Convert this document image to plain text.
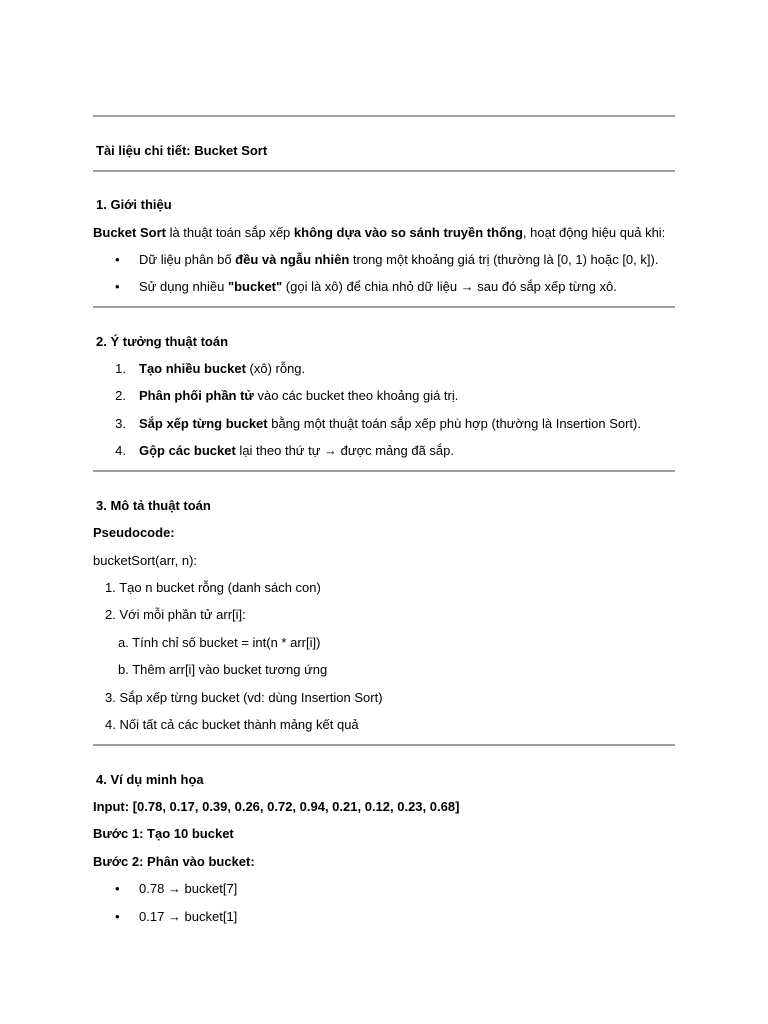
Tài liệu chi tiết: Bucket Sort
1. Giới thiệu
Bucket Sort là thuật toán sắp xếp không dựa vào so sánh truyền thống, hoạt động hiệu quả khi:
• Dữ liệu phân bố đều và ngẫu nhiên trong một khoảng giá trị (thường là [0, 1) hoặc [0, k]).
• Sử dụng nhiều "bucket" (gọi là xô) để chia nhỏ dữ liệu → sau đó sắp xếp từng xô.
2. Ý tưởng thuật toán
1. Tạo nhiều bucket (xô) rỗng.
2. Phân phối phần tử vào các bucket theo khoảng giá trị.
3. Sắp xếp từng bucket bằng một thuật toán sắp xếp phù hợp (thường là Insertion Sort).
4. Gộp các bucket lại theo thứ tự → được mảng đã sắp.
3. Mô tả thuật toán
Pseudocode:
bucketSort(arr, n):
1. Tạo n bucket rỗng (danh sách con)
2. Với mỗi phần tử arr[i]:
a. Tính chỉ số bucket = int(n * arr[i])
b. Thêm arr[i] vào bucket tương ứng
3. Sắp xếp từng bucket (vd: dùng Insertion Sort)
4. Nối tất cả các bucket thành mảng kết quả
4. Ví dụ minh họa
Input: [0.78, 0.17, 0.39, 0.26, 0.72, 0.94, 0.21, 0.12, 0.23, 0.68]
Bước 1: Tạo 10 bucket
Bước 2: Phân vào bucket:
• 0.78 → bucket[7]
• 0.17 → bucket[1]
